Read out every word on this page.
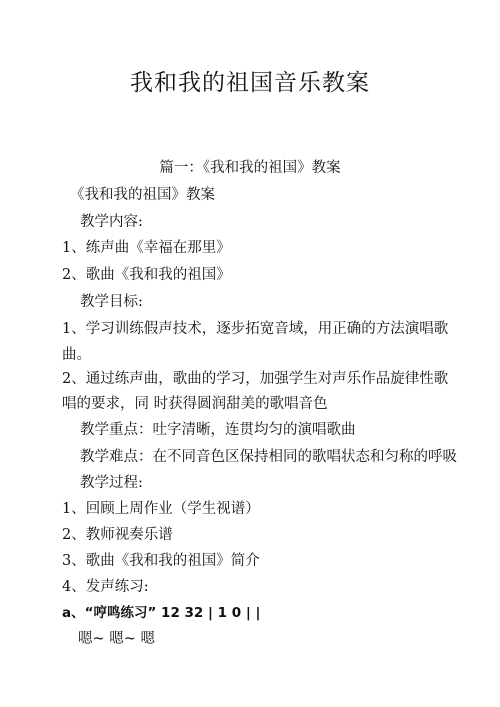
我和我的祖国音乐教案
篇一：《我和我的祖国》教案
《我和我的祖国》教案
教学内容:
1、练声曲《幸福在那里》
2、歌曲《我和我的祖国》
教学目标:
1、学习训练假声技术，逐步拓宽音域，用正确的方法演唱歌
曲。
2、通过练声曲，歌曲的学习，加强学生对声乐作品旋律性歌
唱的要求，同 时获得圆润甜美的歌唱音色
教学重点：吐字清晰，连贯均匀的演唱歌曲
教学难点：在不同音色区保持相同的歌唱状态和匀称的呼吸
教学过程:
1、回顾上周作业（学生视谱）
2、教师视奏乐谱
3、歌曲《我和我的祖国》简介
4、发声练习:
a、“哼鸣练习” 12 32 | 1 0 | |
嗯~ 嗯~ 嗯
